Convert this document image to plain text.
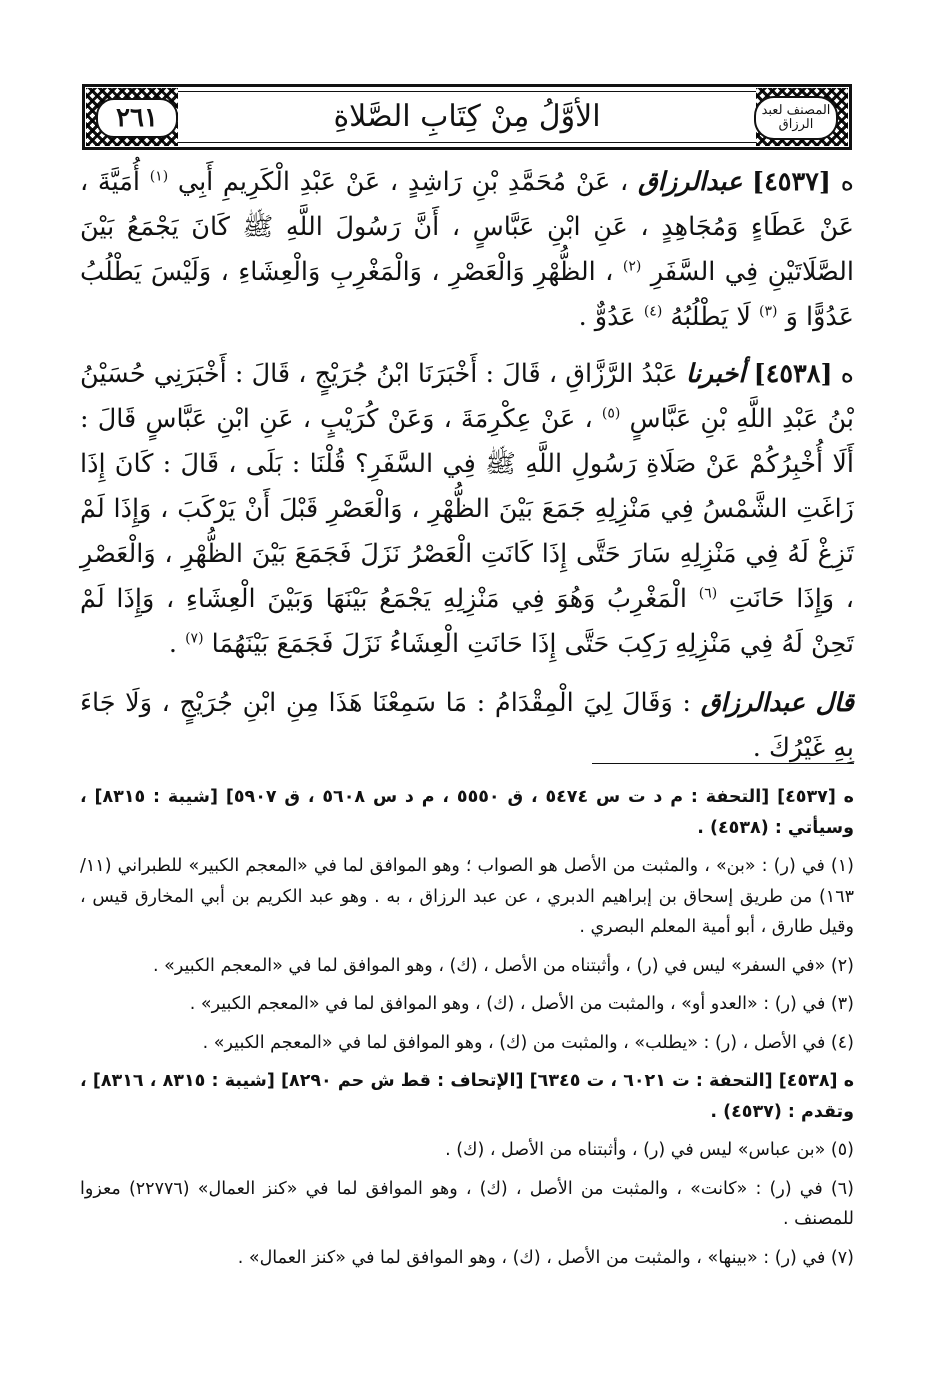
٢٦١	الأوَّلُ مِنْ كِتَابِ الصَّلاةِ	المصنف لعبد الرزاق

ه [٤٥٣٧] عبدالرزاق ، عَنْ مُحَمَّدِ بْنِ رَاشِدٍ ، عَنْ عَبْدِ الْكَرِيمِ أَبِي $^{(١)}$ أُمَيَّةَ ، عَنْ عَطَاءٍ وَمُجَاهِدٍ ، عَنِ ابْنِ عَبَّاسٍ ، أَنَّ رَسُولَ اللَّهِ ﷺ كَانَ يَجْمَعُ بَيْنَ الصَّلَاتَيْنِ فِي السَّفَرِ $^{(٢)}$ ، الظُّهْرِ وَالْعَصْرِ ، وَالْمَغْرِبِ وَالْعِشَاءِ ، وَلَيْسَ يَطْلُبُ عَدُوًّا وَ $^{(٣)}$ لَا يَطْلُبُهُ $^{(٤)}$ عَدُوٌّ .

ه [٤٥٣٨] أخبرنا عَبْدُ الرَّزَّاقِ ، قَالَ : أَخْبَرَنَا ابْنُ جُرَيْجٍ ، قَالَ : أَخْبَرَنِي حُسَيْنُ بْنُ عَبْدِ اللَّهِ بْنِ عَبَّاسٍ $^{(٥)}$ ، عَنْ عِكْرِمَةَ ، وَعَنْ كُرَيْبٍ ، عَنِ ابْنِ عَبَّاسٍ قَالَ : أَلَا أُخْبِرُكُمْ عَنْ صَلَاةِ رَسُولِ اللَّهِ ﷺ فِي السَّفَرِ؟ قُلْنَا : بَلَى ، قَالَ : كَانَ إِذَا زَاغَتِ الشَّمْسُ فِي مَنْزِلِهِ جَمَعَ بَيْنَ الظُّهْرِ ، وَالْعَصْرِ قَبْلَ أَنْ يَرْكَبَ ، وَإِذَا لَمْ تَزِغْ لَهُ فِي مَنْزِلِهِ سَارَ حَتَّى إِذَا كَانَتِ الْعَصْرُ نَزَلَ فَجَمَعَ بَيْنَ الظُّهْرِ ، وَالْعَصْرِ ، وَإِذَا حَانَتِ $^{(٦)}$ الْمَغْرِبُ وَهُوَ فِي مَنْزِلِهِ يَجْمَعُ بَيْنَهَا وَبَيْنَ الْعِشَاءِ ، وَإِذَا لَمْ تَحِنْ لَهُ فِي مَنْزِلِهِ رَكِبَ حَتَّى إِذَا حَانَتِ الْعِشَاءُ نَزَلَ فَجَمَعَ بَيْنَهُمَا $^{(٧)}$ .

قال عبدالرزاق : وَقَالَ لِيَ الْمِقْدَامُ : مَا سَمِعْنَا هَذَا مِنِ ابْنِ جُرَيْجٍ ، وَلَا جَاءَ بِهِ غَيْرُكَ .

ه [٤٥٣٧] [التحفة : م د ت س ٥٤٧٤ ، ق ٥٥٥٠ ، م د س ٥٦٠٨ ، ق ٥٩٠٧] [شيبة : ٨٣١٥] ، وسيأتي : (٤٥٣٨) .

(١) في (ر) : «بن» ، والمثبت من الأصل هو الصواب ؛ وهو الموافق لما في «المعجم الكبير» للطبراني (١١/ ١٦٣) من طريق إسحاق بن إبراهيم الدبري ، عن عبد الرزاق ، به . وهو عبد الكريم بن أبي المخارق قيس ، وقيل طارق ، أبو أمية المعلم البصري .

(٢) «في السفر» ليس في (ر) ، وأثبتناه من الأصل ، (ك) ، وهو الموافق لما في «المعجم الكبير» .

(٣) في (ر) : «العدو أو» ، والمثبت من الأصل ، (ك) ، وهو الموافق لما في «المعجم الكبير» .

(٤) في الأصل ، (ر) : «يطلب» ، والمثبت من (ك) ، وهو الموافق لما في «المعجم الكبير» .

ه [٤٥٣٨] [التحفة : ت ٦٠٢١ ، ت ٦٣٤٥] [الإتحاف : قط ش حم ٨٢٩٠] [شيبة : ٨٣١٥ ، ٨٣١٦] ، وتقدم : (٤٥٣٧) .

(٥) «بن عباس» ليس في (ر) ، وأثبتناه من الأصل ، (ك) .

(٦) في (ر) : «كانت» ، والمثبت من الأصل ، (ك) ، وهو الموافق لما في «كنز العمال» (٢٢٧٧٦) معزوا للمصنف .

(٧) في (ر) : «بينها» ، والمثبت من الأصل ، (ك) ، وهو الموافق لما في «كنز العمال» .
